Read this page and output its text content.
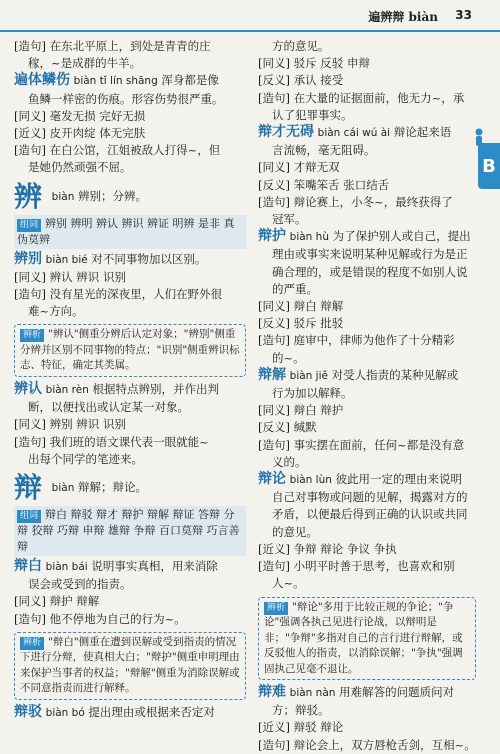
遍辨辩 biàn 33
B

[造句] 在东北平原上，到处是青青的庄

稼，~是成群的牛羊。

遍体鳞伤 biàn tǐ lín shāng 浑身都是像

鱼鳞一样密的伤痕。形容伤势很严重。

[同义] 毫发无损 完好无损

[近义] 皮开肉绽 体无完肤

[造句] 在白公馆，江姐被敌人打得~，但

是她仍然顽强不屈。

辨 biàn 辨别；分辨。

组词 辨别 辨明 辨认 辨识 辨证 明辨 是非 真伪莫辨

辨别 biàn bié 对不同事物加以区别。

[同义] 辨认 辨识 识别

[造句] 没有星光的深夜里，人们在野外很

难~方向。

辨析 "辨认"侧重分辨后认定对象；"辨别"侧重分辨并区别不同事物的特点；"识别"侧重辨识标志、特征，确定其类属。

辨认 biàn rèn 根据特点辨别，并作出判

断，以便找出或认定某一对象。

[同义] 辨别 辨识 识别

[造句] 我们班的语文课代表一眼就能~

出每个同学的笔迹来。

辩 biàn 辩解；辩论。

组词 辩白 辩驳 辩才 辩护 辩解 辩证 答辩 分辩 狡辩 巧辩 申辩 雄辩 争辩 百口莫辩 巧言善辩

辩白 biàn bái 说明事实真相，用来消除

误会或受到的指责。

[同义] 辩护 辩解

[造句] 他不停地为自己的行为~。

辨析 "辩白"侧重在遭到误解或受到指责的情况下进行分辩，使真相大白；"辩护"侧重申明理由来保护当事者的权益；"辩解"侧重为消除误解或不同意指责而进行解释。

辩驳 biàn bó 提出理由或根据来否定对

方的意见。

[同义] 驳斥 反驳 申辩

[反义] 承认 接受

[造句] 在大量的证据面前，他无力~，承

认了犯罪事实。

辩才无碍 biàn cái wú ài 辩论起来语

言流畅，毫无阻碍。

[同义] 才辩无双

[反义] 笨嘴笨舌 张口结舌

[造句] 辩论赛上，小冬~，最终获得了

冠军。

辩护 biàn hù 为了保护别人或自己，提出

理由或事实来说明某种见解或行为是正确合理的，或是错误的程度不如别人说的严重。

[同义] 辩白 辩解

[反义] 驳斥 批驳

[造句] 庭审中，律师为他作了十分精彩

的~。

辩解 biàn jiě 对受人指责的某种见解或

行为加以解释。

[同义] 辩白 辩护

[反义] 缄默

[造句] 事实摆在面前，任何~都是没有意

义的。

辩论 biàn lùn 彼此用一定的理由来说明

自己对事物或问题的见解，揭露对方的矛盾，以便最后得到正确的认识或共同的意见。

[近义] 争辩 辩论 争议 争执

[造句] 小明平时善于思考，也喜欢和别

人~。

辨析 "辩论"多用于比较正规的争论；"争论"强调各执己见进行论战，以辩明是非；"争辩"多指对自己的言行进行辩解，或反驳他人的指责，以消除误解；"争执"强调固执己见毫不退让。

辩难 biàn nàn 用难解答的问题质问对

方；辩驳。

[近义] 辩驳 辩论

[造句] 辩论会上，双方唇枪舌剑，互相~。
